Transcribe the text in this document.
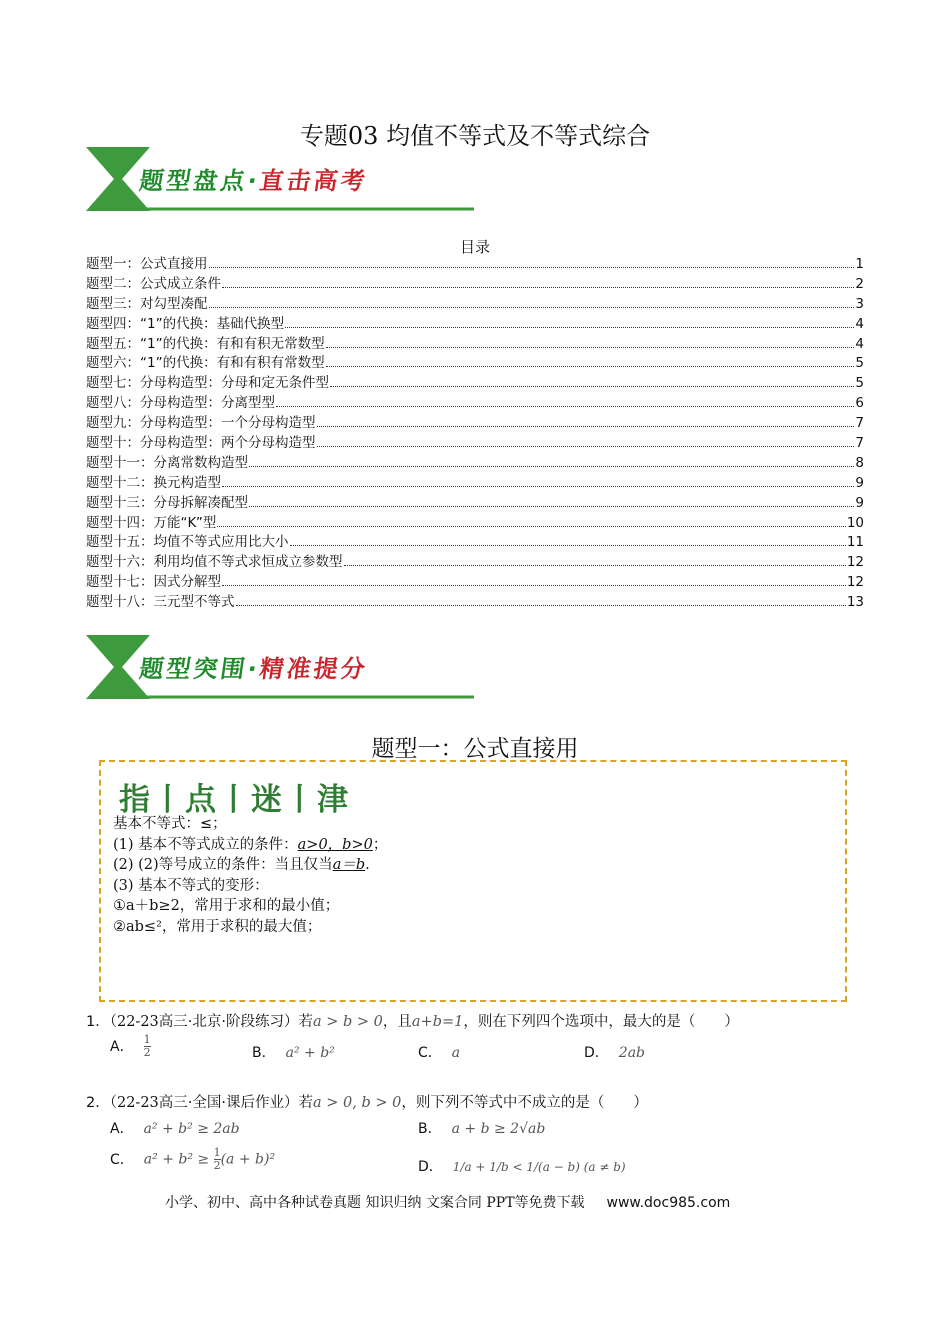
专题03 均值不等式及不等式综合
题型盘点·直击高考
目录
题型一：公式直接用	1
题型二：公式成立条件	2
题型三：对勾型凑配	3
题型四：“1”的代换：基础代换型	4
题型五：“1”的代换：有和有积无常数型	4
题型六：“1”的代换：有和有积有常数型	5
题型七：分母构造型：分母和定无条件型	5
题型八：分母构造型：分离型型	6
题型九：分母构造型：一个分母构造型	7
题型十：分母构造型：两个分母构造型	7
题型十一：分离常数构造型	8
题型十二：换元构造型	9
题型十三：分母拆解凑配型	9
题型十四：万能“K”型	10
题型十五：均值不等式应用比大小	11
题型十六：利用均值不等式求恒成立参数型	12
题型十七：因式分解型	12
题型十八：三元型不等式	13
题型突围·精准提分
题型一：公式直接用
指丨点丨迷丨津
基本不等式：≤；
(1) 基本不等式成立的条件：a>0，b>0；
(2) (2)等号成立的条件：当且仅当a＝b.
(3) 基本不等式的变形：
①a＋b≥2，常用于求和的最小值；
②ab≤²，常用于求积的最大值；
1．（22-23高三·北京·阶段练习）若a > b > 0，且a+b=1，则在下列四个选项中，最大的是（　　）
A． $\frac{1}{2}$	B． a² + b²	C． a	D． 2ab
2．（22-23高三·全国·课后作业）若a > 0, b > 0，则下列不等式中不成立的是（　　）
A． a² + b² ≥ 2ab	B． a + b ≥ 2√ab
C． $a^2 + b^2 \ge \frac{1}{2} (a + b)^2$	D． 1/a + 1/b < 1/(a − b) (a ≠ b)
小学、初中、高中各种试卷真题 知识归纳 文案合同 PPT等免费下载 www.doc985.com
